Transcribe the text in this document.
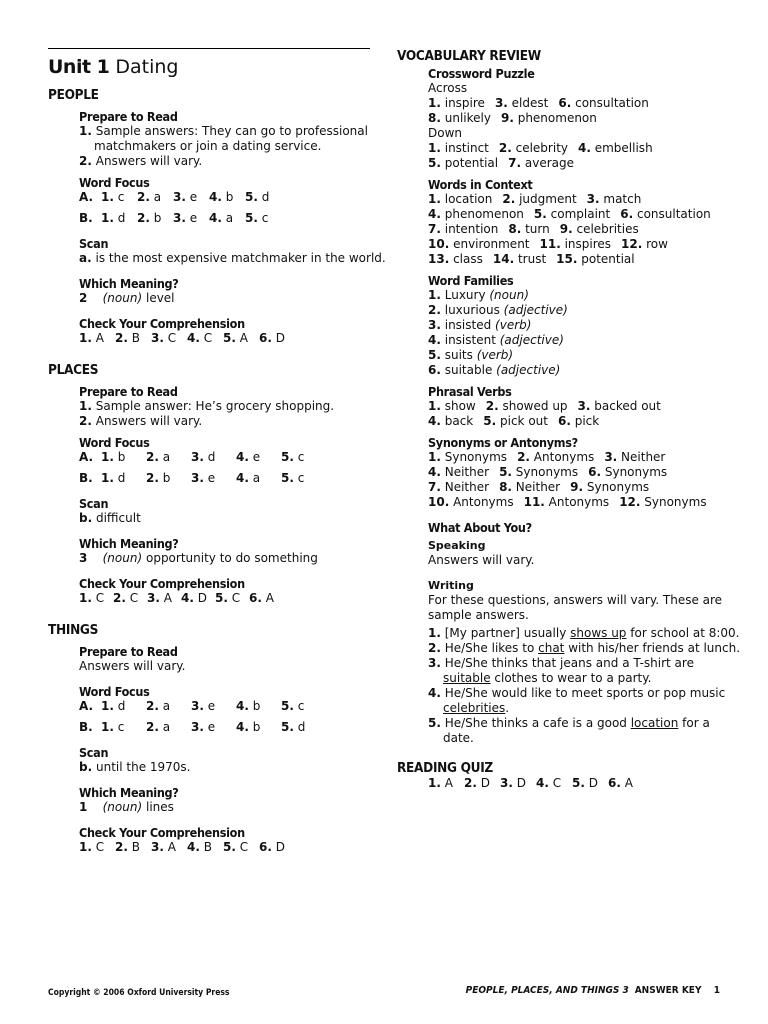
Unit 1 Dating
PEOPLE
Prepare to Read
1. Sample answers: They can go to professional
matchmakers or join a dating service.
2. Answers will vary.
Word Focus
A. 1. c 2. a 3. e 4. b 5. d
B. 1. d 2. b 3. e 4. a 5. c
Scan
a. is the most expensive matchmaker in the world.
Which Meaning?
2 (noun) level
Check Your Comprehension
1. A 2. B 3. C 4. C 5. A 6. D
PLACES
Prepare to Read
1. Sample answer: He’s grocery shopping.
2. Answers will vary.
Word Focus
A. 1. b 2. a 3. d 4. e 5. c
B. 1. d 2. b 3. e 4. a 5. c
Scan
b. difficult
Which Meaning?
3 (noun) opportunity to do something
Check Your Comprehension
1. C 2. C 3. A 4. D 5. C 6. A
THINGS
Prepare to Read
Answers will vary.
Word Focus
A. 1. d 2. a 3. e 4. b 5. c
B. 1. c 2. a 3. e 4. b 5. d
Scan
b. until the 1970s.
Which Meaning?
1 (noun) lines
Check Your Comprehension
1. C 2. B 3. A 4. B 5. C 6. D
VOCABULARY REVIEW
Crossword Puzzle
Across
1. inspire 3. eldest 6. consultation
8. unlikely 9. phenomenon
Down
1. instinct 2. celebrity 4. embellish
5. potential 7. average
Words in Context
1. location 2. judgment 3. match
4. phenomenon 5. complaint 6. consultation
7. intention 8. turn 9. celebrities
10. environment 11. inspires 12. row
13. class 14. trust 15. potential
Word Families
1. Luxury (noun)
2. luxurious (adjective)
3. insisted (verb)
4. insistent (adjective)
5. suits (verb)
6. suitable (adjective)
Phrasal Verbs
1. show 2. showed up 3. backed out
4. back 5. pick out 6. pick
Synonyms or Antonyms?
1. Synonyms 2. Antonyms 3. Neither
4. Neither 5. Synonyms 6. Synonyms
7. Neither 8. Neither 9. Synonyms
10. Antonyms 11. Antonyms 12. Synonyms
What About You?
Speaking
Answers will vary.
Writing
For these questions, answers will vary. These are sample answers.
1. [My partner] usually shows up for school at 8:00.
2. He/She likes to chat with his/her friends at lunch.
3. He/She thinks that jeans and a T-shirt are suitable clothes to wear to a party.
4. He/She would like to meet sports or pop music celebrities.
5. He/She thinks a cafe is a good location for a date.
READING QUIZ
1. A 2. D 3. D 4. C 5. D 6. A
Copyright © 2006 Oxford University Press	PEOPLE, PLACES, AND THINGS 3 ANSWER KEY 1
